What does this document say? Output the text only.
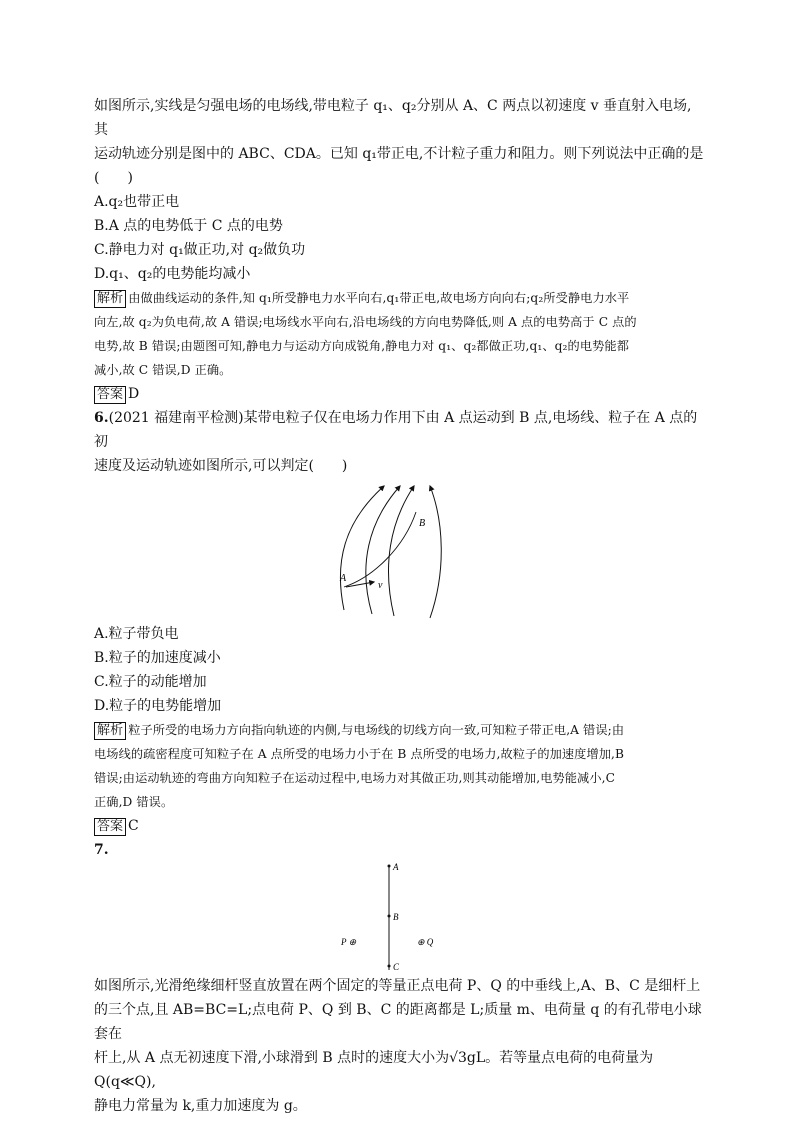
如图所示,实线是匀强电场的电场线,带电粒子 q₁、q₂分别从 A、C 两点以初速度 v 垂直射入电场,其

运动轨迹分别是图中的 ABC、CDA。已知 q₁带正电,不计粒子重力和阻力。则下列说法中正确的是

(　　)

A.q₂也带正电

B.A 点的电势低于 C 点的电势

C.静电力对 q₁做正功,对 q₂做负功

D.q₁、q₂的电势能均减小

解析 由做曲线运动的条件,知 q₁所受静电力水平向右,q₁带正电,故电场方向向右;q₂所受静电力水平

向左,故 q₂为负电荷,故 A 错误;电场线水平向右,沿电场线的方向电势降低,则 A 点的电势高于 C 点的

电势,故 B 错误;由题图可知,静电力与运动方向成锐角,静电力对 q₁、q₂都做正功,q₁、q₂的电势能都

减小,故 C 错误,D 正确。

答案 D

6.(2021 福建南平检测)某带电粒子仅在电场力作用下由 A 点运动到 B 点,电场线、粒子在 A 点的初

速度及运动轨迹如图所示,可以判定(　　)

A
B
v

A.粒子带负电

B.粒子的加速度减小

C.粒子的动能增加

D.粒子的电势能增加

解析 粒子所受的电场力方向指向轨迹的内侧,与电场线的切线方向一致,可知粒子带正电,A 错误;由

电场线的疏密程度可知粒子在 A 点所受的电场力小于在 B 点所受的电场力,故粒子的加速度增加,B

错误;由运动轨迹的弯曲方向知粒子在运动过程中,电场力对其做正功,则其动能增加,电势能减小,C

正确,D 错误。

答案 C

7.

A
B
C
P ⊕	⊕ Q

如图所示,光滑绝缘细杆竖直放置在两个固定的等量正点电荷 P、Q 的中垂线上,A、B、C 是细杆上

的三个点,且 AB=BC=L;点电荷 P、Q 到 B、C 的距离都是 L;质量 m、电荷量 q 的有孔带电小球套在

杆上,从 A 点无初速度下滑,小球滑到 B 点时的速度大小为√3gL。若等量点电荷的电荷量为 Q(q≪Q),

静电力常量为 k,重力加速度为 g。
